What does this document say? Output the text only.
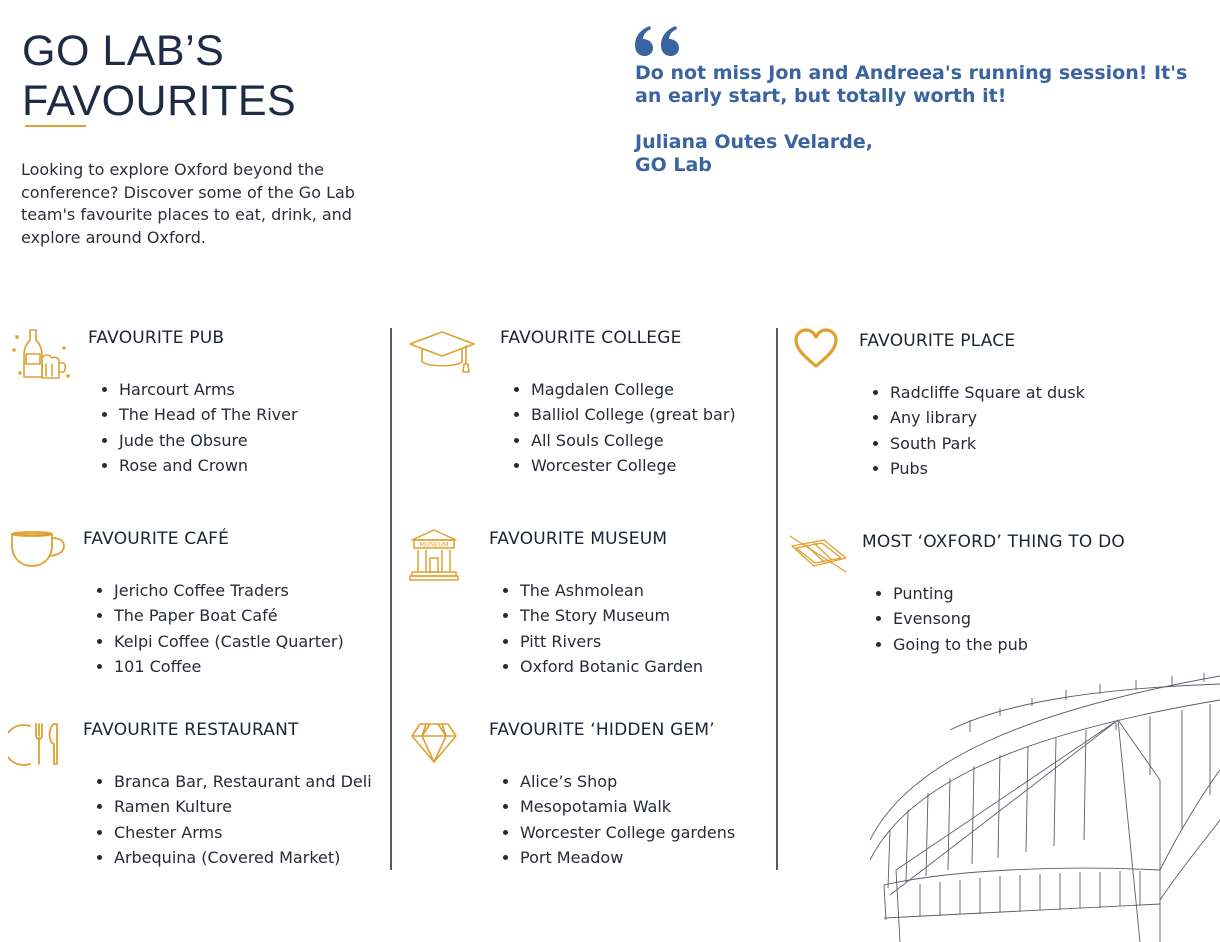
GO LAB’S
FAVOURITES

Looking to explore Oxford beyond the conference? Discover some of the Go Lab team's favourite places to eat, drink, and explore around Oxford.

Do not miss Jon and Andreea's running session! It's an early start, but totally worth it!

Juliana Outes Velarde,
GO Lab

FAVOURITE PUB
• Harcourt Arms
• The Head of The River
• Jude the Obsure
• Rose and Crown
FAVOURITE COLLEGE
• Magdalen College
• Balliol College (great bar)
• All Souls College
• Worcester College
FAVOURITE PLACE
• Radcliffe Square at dusk
• Any library
• South Park
• Pubs
FAVOURITE CAFÉ
• Jericho Coffee Traders
• The Paper Boat Café
• Kelpi Coffee (Castle Quarter)
• 101 Coffee
MUSEUM FAVOURITE MUSEUM
• The Ashmolean
• The Story Museum
• Pitt Rivers
• Oxford Botanic Garden
MOST ‘OXFORD’ THING TO DO
• Punting
• Evensong
• Going to the pub
FAVOURITE RESTAURANT
• Branca Bar, Restaurant and Deli
• Ramen Kulture
• Chester Arms
• Arbequina (Covered Market)
FAVOURITE ‘HIDDEN GEM’
• Alice’s Shop
• Mesopotamia Walk
• Worcester College gardens
• Port Meadow
